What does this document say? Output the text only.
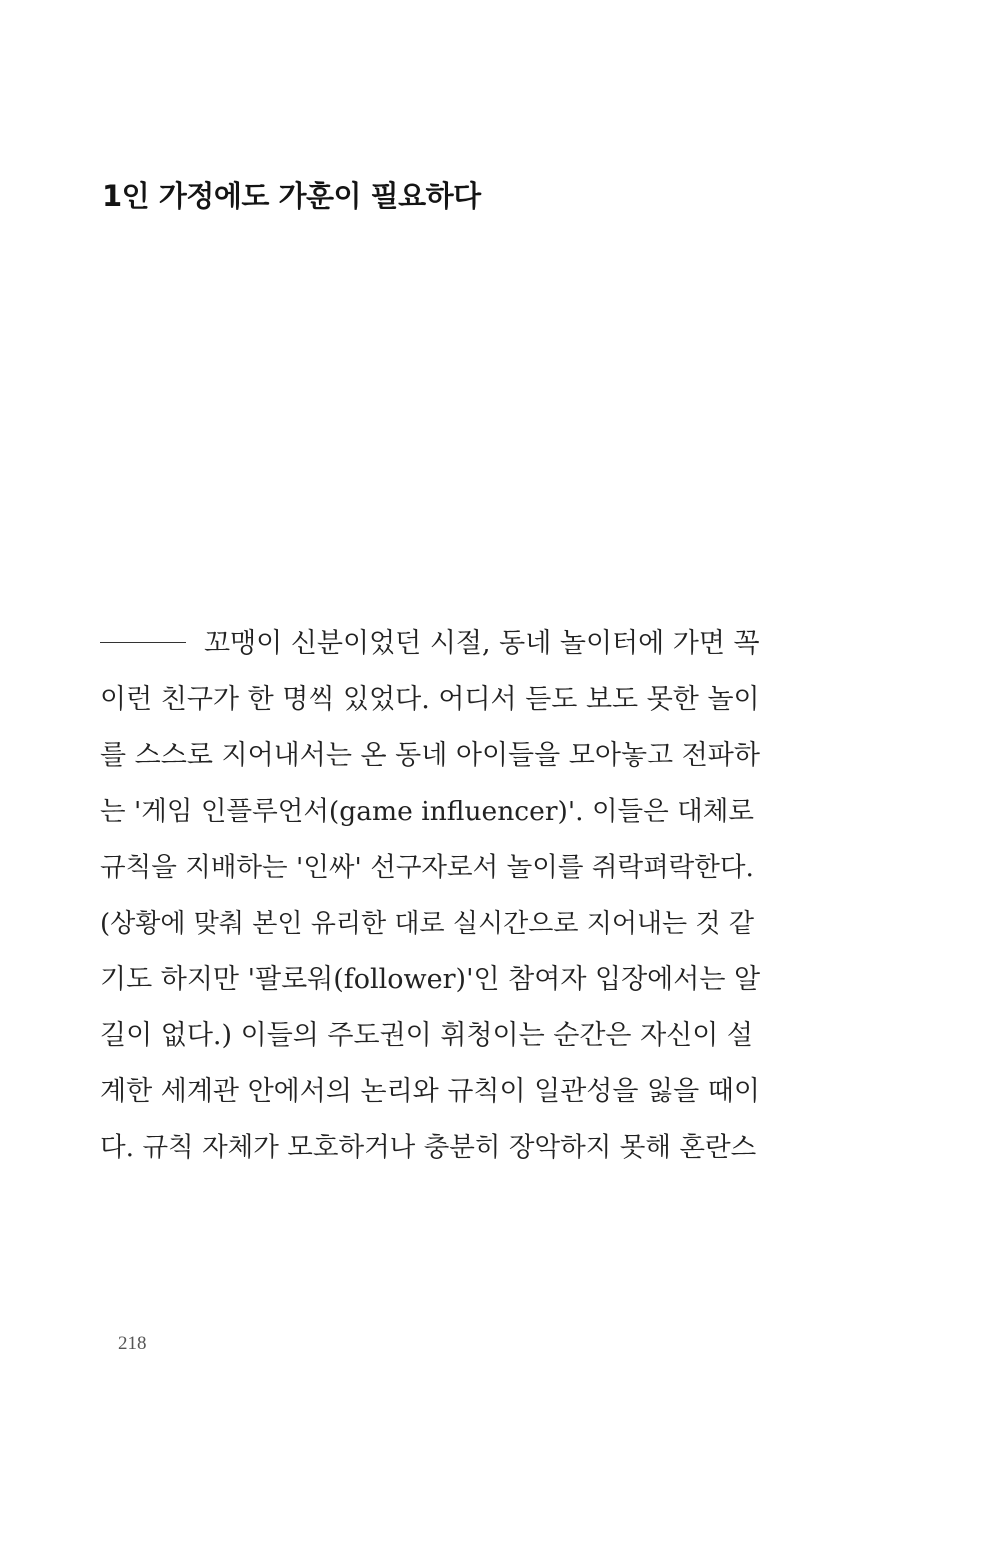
1인 가정에도 가훈이 필요하다
꼬맹이 신분이었던 시절, 동네 놀이터에 가면 꼭
이런 친구가 한 명씩 있었다. 어디서 듣도 보도 못한 놀이
를 스스로 지어내서는 온 동네 아이들을 모아놓고 전파하
는 '게임 인플루언서(game influencer)'. 이들은 대체로
규칙을 지배하는 '인싸' 선구자로서 놀이를 쥐락펴락한다.
(상황에 맞춰 본인 유리한 대로 실시간으로 지어내는 것 같
기도 하지만 '팔로워(follower)'인 참여자 입장에서는 알
길이 없다.) 이들의 주도권이 휘청이는 순간은 자신이 설
계한 세계관 안에서의 논리와 규칙이 일관성을 잃을 때이
다. 규칙 자체가 모호하거나 충분히 장악하지 못해 혼란스

218
